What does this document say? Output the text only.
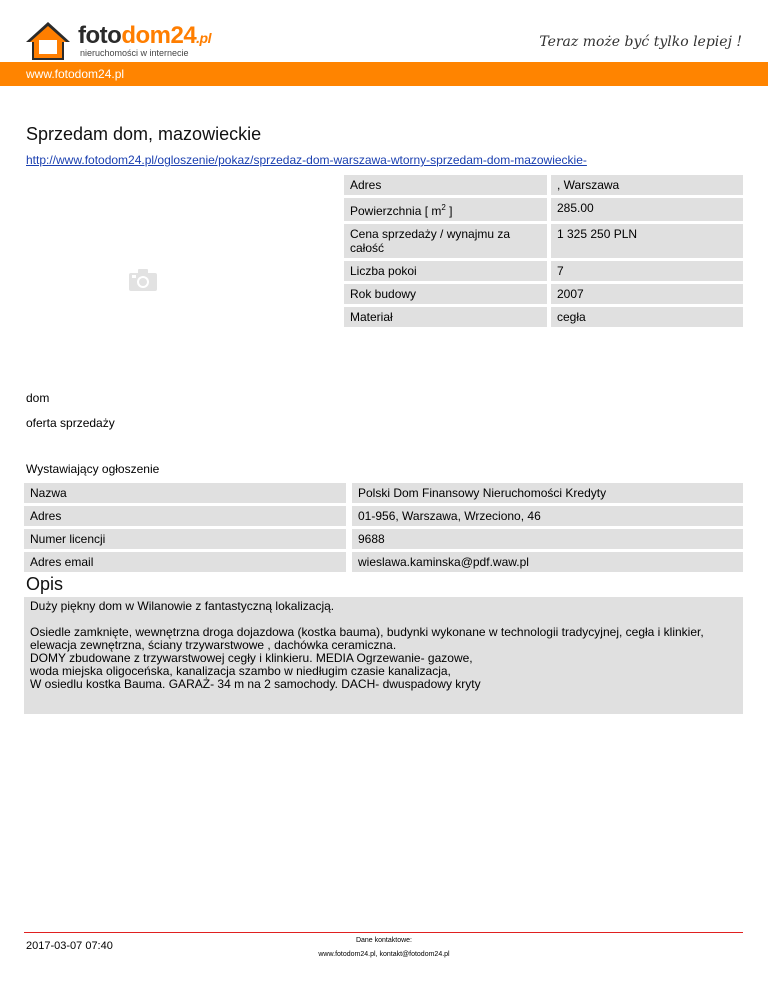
fotodom24.pl
nieruchomości w internecie
Teraz może być tylko lepiej !
www.fotodom24.pl
Sprzedam dom, mazowieckie
http://www.fotodom24.pl/ogloszenie/pokaz/sprzedaz-dom-warszawa-wtorny-sprzedam-dom-mazowieckie-
Adres	, Warszawa
Powierzchnia [ $m^2$ ]	285.00
Cena sprzedaży / wynajmu za całość	1 325 250 PLN
Liczba pokoi	7
Rok budowy	2007
Materiał	cegła
dom
oferta sprzedaży
Wystawiający ogłoszenie
Nazwa	Polski Dom Finansowy Nieruchomości Kredyty
Adres	01-956, Warszawa, Wrzeciono, 46
Numer licencji	9688
Adres email	wieslawa.kaminska@pdf.waw.pl
Opis

Duży piękny dom w Wilanowie z fantastyczną lokalizacją.

Osiedle zamknięte, wewnętrzna droga dojazdowa (kostka bauma), budynki wykonane w technologii tradycyjnej, cegła i klinkier,
elewacja zewnętrzna, ściany trzywarstwowe , dachówka ceramiczna.
DOMY zbudowane z trzywarstwowej cegły i klinkieru. MEDIA Ogrzewanie- gazowe,
woda miejska oligoceńska, kanalizacja szambo w niedługim czasie kanalizacja,
W osiedlu kostka Bauma. GARAŻ- 34 m na 2 samochody. DACH- dwuspadowy kryty
2017-03-07 07:40	Dane kontaktowe:
www.fotodom24.pl, kontakt@fotodom24.pl
